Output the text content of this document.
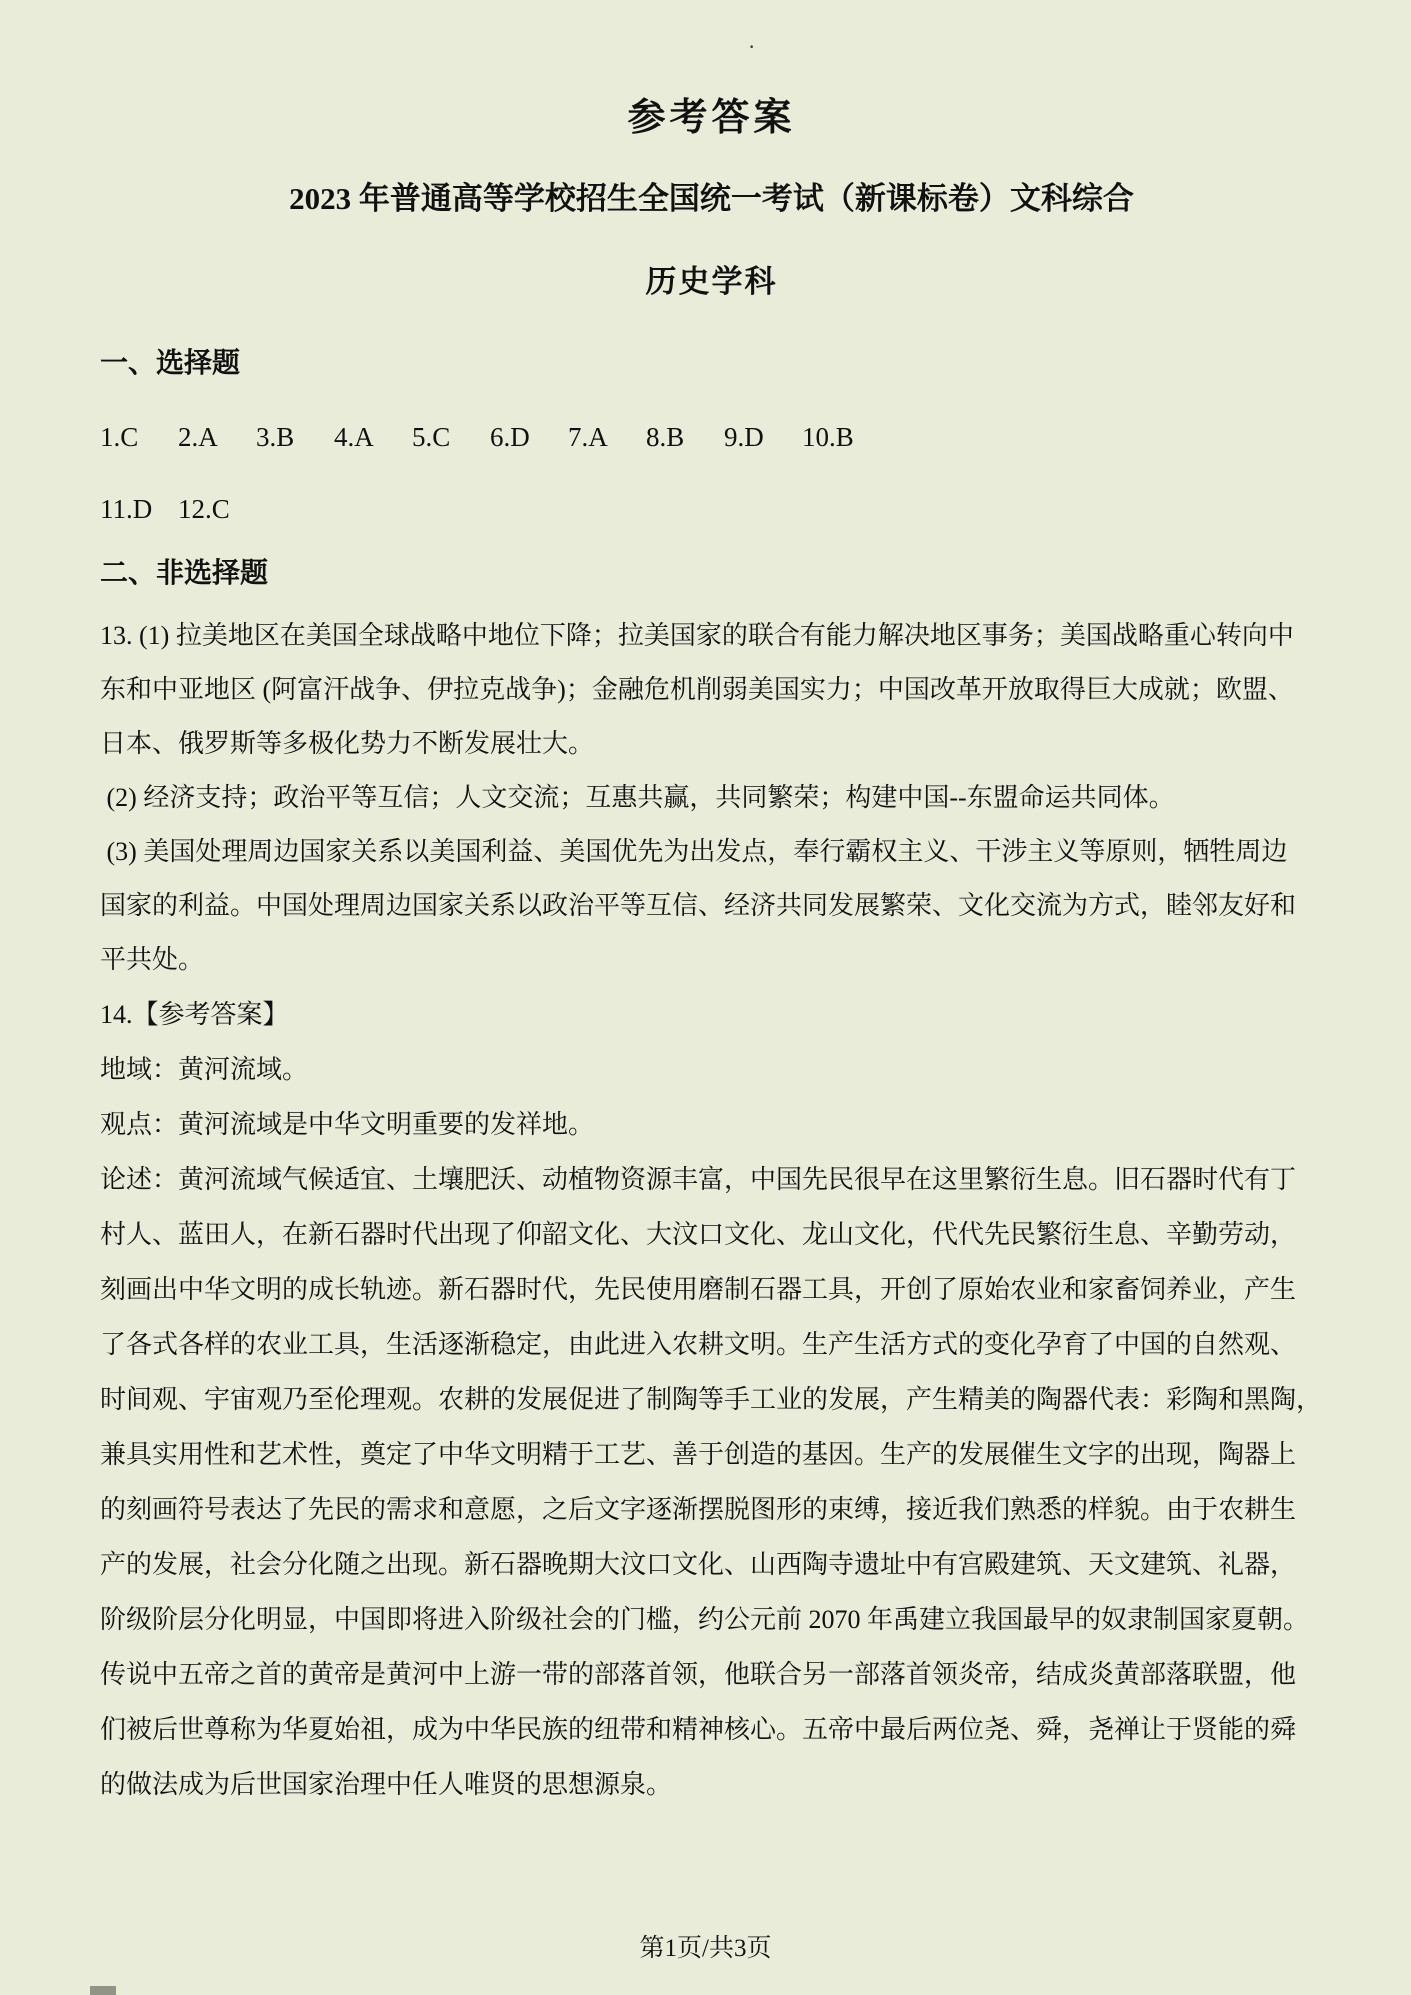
·
参考答案
2023 年普通高等学校招生全国统一考试（新课标卷）文科综合
历史学科
一、选择题
1.C 2.A 3.B 4.A 5.C 6.D 7.A 8.B 9.D 10.B
11.D 12.C
二、非选择题
13. (1) 拉美地区在美国全球战略中地位下降；拉美国家的联合有能力解决地区事务；美国战略重心转向中
东和中亚地区 (阿富汗战争、伊拉克战争)；金融危机削弱美国实力；中国改革开放取得巨大成就；欧盟、
日本、俄罗斯等多极化势力不断发展壮大。
(2) 经济支持；政治平等互信；人文交流；互惠共赢，共同繁荣；构建中国--东盟命运共同体。
(3) 美国处理周边国家关系以美国利益、美国优先为出发点，奉行霸权主义、干涉主义等原则，牺牲周边
国家的利益。中国处理周边国家关系以政治平等互信、经济共同发展繁荣、文化交流为方式，睦邻友好和
平共处。
14.【参考答案】
地域：黄河流域。
观点：黄河流域是中华文明重要的发祥地。
论述：黄河流域气候适宜、土壤肥沃、动植物资源丰富，中国先民很早在这里繁衍生息。旧石器时代有丁
村人、蓝田人，在新石器时代出现了仰韶文化、大汶口文化、龙山文化，代代先民繁衍生息、辛勤劳动，
刻画出中华文明的成长轨迹。新石器时代，先民使用磨制石器工具，开创了原始农业和家畜饲养业，产生
了各式各样的农业工具，生活逐渐稳定，由此进入农耕文明。生产生活方式的变化孕育了中国的自然观、
时间观、宇宙观乃至伦理观。农耕的发展促进了制陶等手工业的发展，产生精美的陶器代表：彩陶和黑陶，
兼具实用性和艺术性，奠定了中华文明精于工艺、善于创造的基因。生产的发展催生文字的出现，陶器上
的刻画符号表达了先民的需求和意愿，之后文字逐渐摆脱图形的束缚，接近我们熟悉的样貌。由于农耕生
产的发展，社会分化随之出现。新石器晚期大汶口文化、山西陶寺遗址中有宫殿建筑、天文建筑、礼器，
阶级阶层分化明显，中国即将进入阶级社会的门槛，约公元前 2070 年禹建立我国最早的奴隶制国家夏朝。
传说中五帝之首的黄帝是黄河中上游一带的部落首领，他联合另一部落首领炎帝，结成炎黄部落联盟，他
们被后世尊称为华夏始祖，成为中华民族的纽带和精神核心。五帝中最后两位尧、舜，尧禅让于贤能的舜
的做法成为后世国家治理中任人唯贤的思想源泉。
第1页/共3页
